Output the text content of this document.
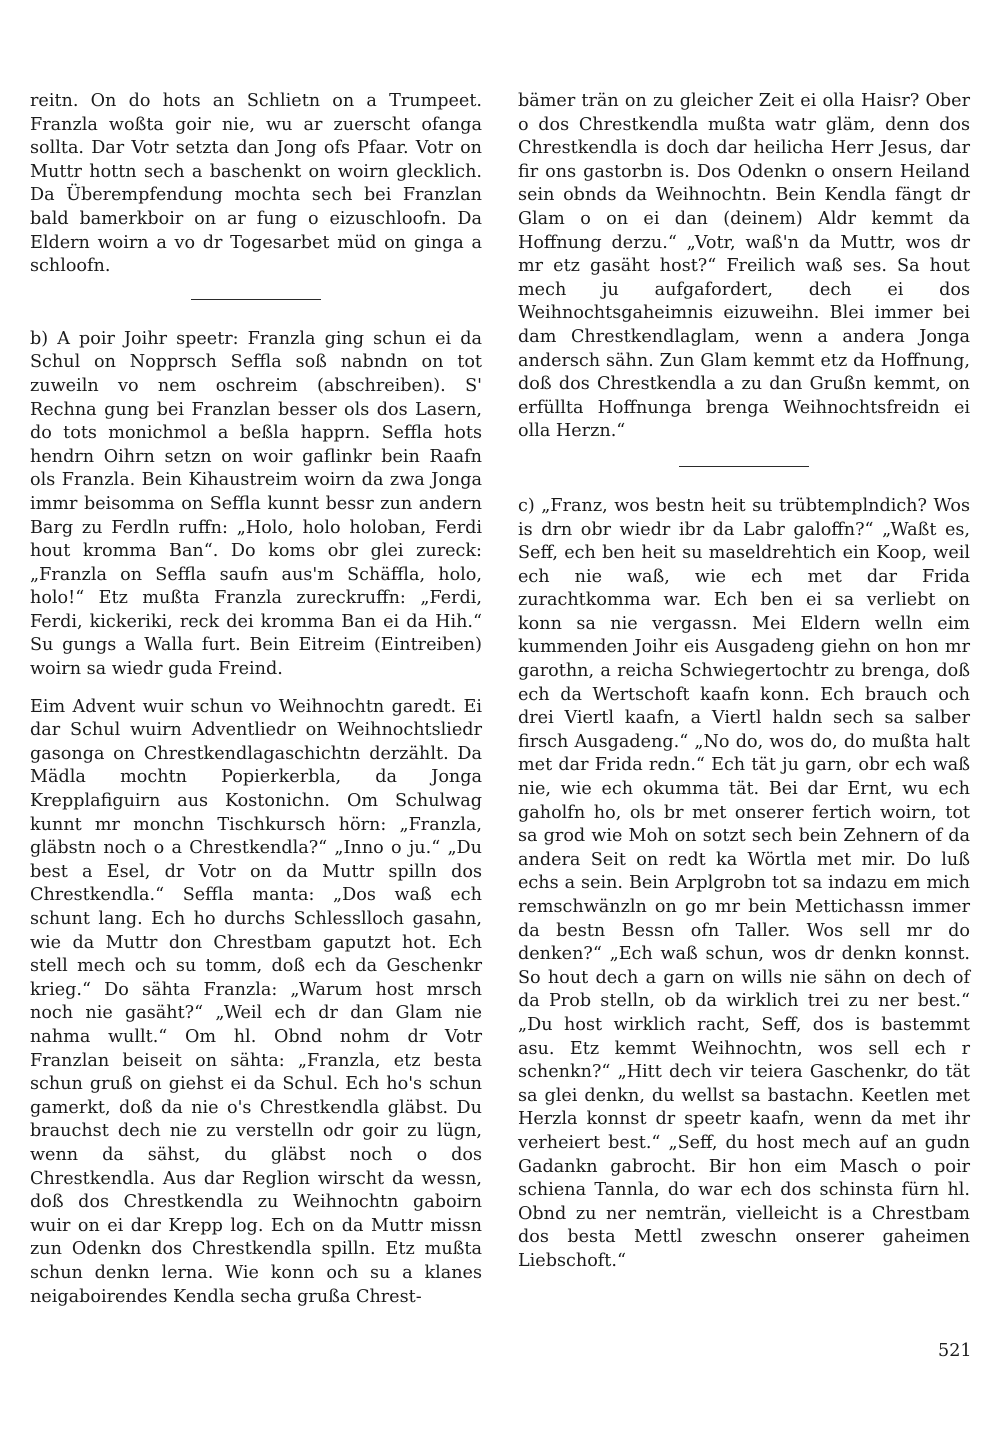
reitn. On do hots an Schlietn on a Trumpeet. Franzla woßta goir nie, wu ar zuerscht ofanga sollta. Dar Votr setzta dan Jong ofs Pfaar. Votr on Muttr hottn sech a baschenkt on woirn glecklich. Da Überempfendung mochta sech bei Franzlan bald bamerkboir on ar fung o eizuschloofn. Da Eldern woirn a vo dr Togesarbet müd on ginga a schloofn.

b) A poir Joihr speetr: Franzla ging schun ei da Schul on Nopprsch Seffla soß nabndn on tot zuweiln vo nem oschreim (abschreiben). S' Rechna gung bei Franzlan besser ols dos Lasern, do tots monichmol a beßla happrn. Seffla hots hendrn Oihrn setzn on woir gaflinkr bein Raafn ols Franzla. Bein Kihaustreim woirn da zwa Jonga immr beisomma on Seffla kunnt bessr zun andern Barg zu Ferdln ruffn: „Holo, holo holoban, Ferdi hout kromma Ban“. Do koms obr glei zureck: „Franzla on Seffla saufn aus'm Schäffla, holo, holo!“ Etz mußta Franzla zureckruffn: „Ferdi, Ferdi, kickeriki, reck dei kromma Ban ei da Hih.“ Su gungs a Walla furt. Bein Eitreim (Eintreiben) woirn sa wiedr guda Freind.

Eim Advent wuir schun vo Weihnochtn garedt. Ei dar Schul wuirn Adventliedr on Weihnochtsliedr gasonga on Chrestkendlagaschichtn derzählt. Da Mädla mochtn Popierkerbla, da Jonga Krepplafiguirn aus Kostonichn. Om Schulwag kunnt mr monchn Tischkursch hörn: „Franzla, gläbstn noch o a Chrestkendla?“ „Inno o ju.“ „Du best a Esel, dr Votr on da Muttr spilln dos Chrestkendla.“ Seffla manta: „Dos waß ech schunt lang. Ech ho durchs Schlesslloch gasahn, wie da Muttr don Chrestbam gaputzt hot. Ech stell mech och su tomm, doß ech da Geschenkr krieg.“ Do sähta Franzla: „Warum host mrsch noch nie gasäht?“ „Weil ech dr dan Glam nie nahma wullt.“ Om hl. Obnd nohm dr Votr Franzlan beiseit on sähta: „Franzla, etz besta schun gruß on giehst ei da Schul. Ech ho's schun gamerkt, doß da nie o's Chrestkendla gläbst. Du brauchst dech nie zu verstelln odr goir zu lügn, wenn da sähst, du gläbst noch o dos Chrestkendla. Aus dar Reglion wirscht da wessn, doß dos Chrestkendla zu Weihnochtn gaboirn wuir on ei dar Krepp log. Ech on da Muttr missn zun Odenkn dos Chrestkendla spilln. Etz mußta schun denkn lerna. Wie konn och su a klanes neigaboirendes Kendla secha grußa Chrest-

bämer trän on zu gleicher Zeit ei olla Haisr? Ober o dos Chrestkendla mußta watr gläm, denn dos Chrestkendla is doch dar heilicha Herr Jesus, dar fir ons gastorbn is. Dos Odenkn o onsern Heiland sein obnds da Weihnochtn. Bein Kendla fängt dr Glam o on ei dan (deinem) Aldr kemmt da Hoffnung derzu.“ „Votr, waß'n da Muttr, wos dr mr etz gasäht host?“ Freilich waß ses. Sa hout mech ju aufgafordert, dech ei dos Weihnochtsgaheimnis eizuweihn. Blei immer bei dam Chrestkendlaglam, wenn a andera Jonga andersch sähn. Zun Glam kemmt etz da Hoffnung, doß dos Chrestkendla a zu dan Grußn kemmt, on erfüllta Hoffnunga brenga Weihnochtsfreidn ei olla Herzn.“

c) „Franz, wos bestn heit su trübtemplndich? Wos is drn obr wiedr ibr da Labr galoffn?“ „Waßt es, Seff, ech ben heit su maseldrehtich ein Koop, weil ech nie waß, wie ech met dar Frida zurachtkomma war. Ech ben ei sa verliebt on konn sa nie vergassn. Mei Eldern welln eim kummenden Joihr eis Ausgadeng giehn on hon mr garothn, a reicha Schwiegertochtr zu brenga, doß ech da Wertschoft kaafn konn. Ech brauch och drei Viertl kaafn, a Viertl haldn sech sa salber firsch Ausgadeng.“ „No do, wos do, do mußta halt met dar Frida redn.“ Ech tät ju garn, obr ech waß nie, wie ech okumma tät. Bei dar Ernt, wu ech gaholfn ho, ols br met onserer fertich woirn, tot sa grod wie Moh on sotzt sech bein Zehnern of da andera Seit on redt ka Wörtla met mir. Do luß echs a sein. Bein Arplgrobn tot sa indazu em mich remschwänzln on go mr bein Mettichassn immer da bestn Bessn ofn Taller. Wos sell mr do denken?“ „Ech waß schun, wos dr denkn konnst. So hout dech a garn on wills nie sähn on dech of da Prob stelln, ob da wirklich trei zu ner best.“ „Du host wirklich racht, Seff, dos is bastemmt asu. Etz kemmt Weihnochtn, wos sell ech r schenkn?“ „Hitt dech vir teiera Gaschenkr, do tät sa glei denkn, du wellst sa bastachn. Keetlen met Herzla konnst dr speetr kaafn, wenn da met ihr verheiert best.“ „Seff, du host mech auf an gudn Gadankn gabrocht. Bir hon eim Masch o poir schiena Tannla, do war ech dos schinsta fürn hl. Obnd zu ner nemträn, vielleicht is a Chrestbam dos besta Mettl zweschn onserer gaheimen Liebschoft.“

521
